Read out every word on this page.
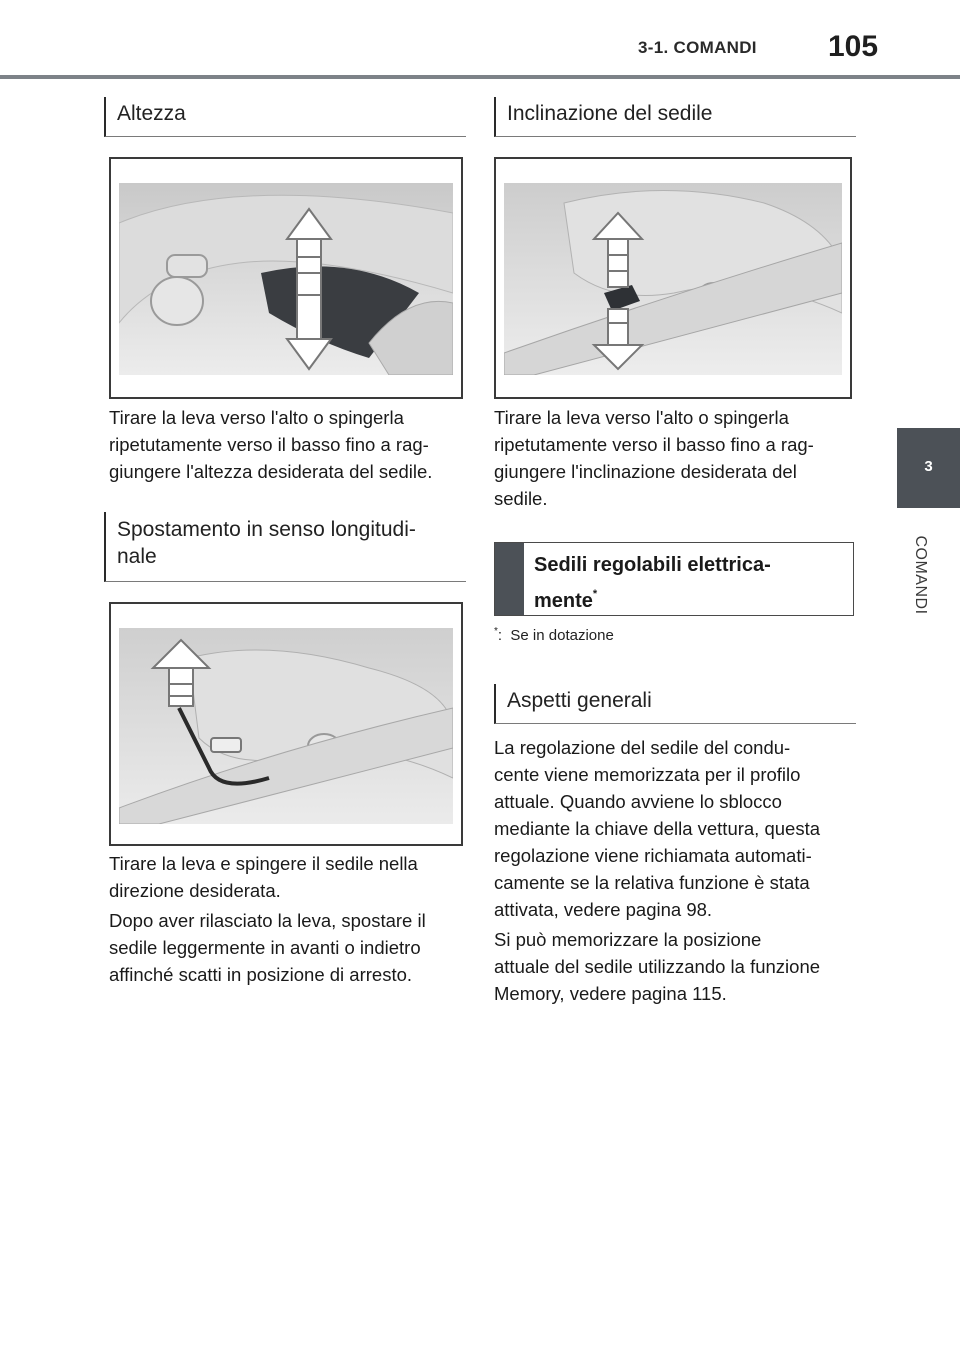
3-1. COMANDI 105
3
COMANDI
Altezza
Tirare la leva verso l'alto o spingerla
ripetutamente verso il basso fino a rag-
giungere l'altezza desiderata del sedile.
Spostamento in senso longitudi-
nale
Tirare la leva e spingere il sedile nella
direzione desiderata.
Dopo aver rilasciato la leva, spostare il
sedile leggermente in avanti o indietro
affinché scatti in posizione di arresto.
Inclinazione del sedile
Tirare la leva verso l'alto o spingerla
ripetutamente verso il basso fino a rag-
giungere l'inclinazione desiderata del
sedile.
Sedili regolabili elettrica-
mente*
*: Se in dotazione
Aspetti generali
La regolazione del sedile del condu-
cente viene memorizzata per il profilo
attuale. Quando avviene lo sblocco
mediante la chiave della vettura, questa
regolazione viene richiamata automati-
camente se la relativa funzione è stata
attivata, vedere pagina 98.
Si può memorizzare la posizione
attuale del sedile utilizzando la funzione
Memory, vedere pagina 115.
